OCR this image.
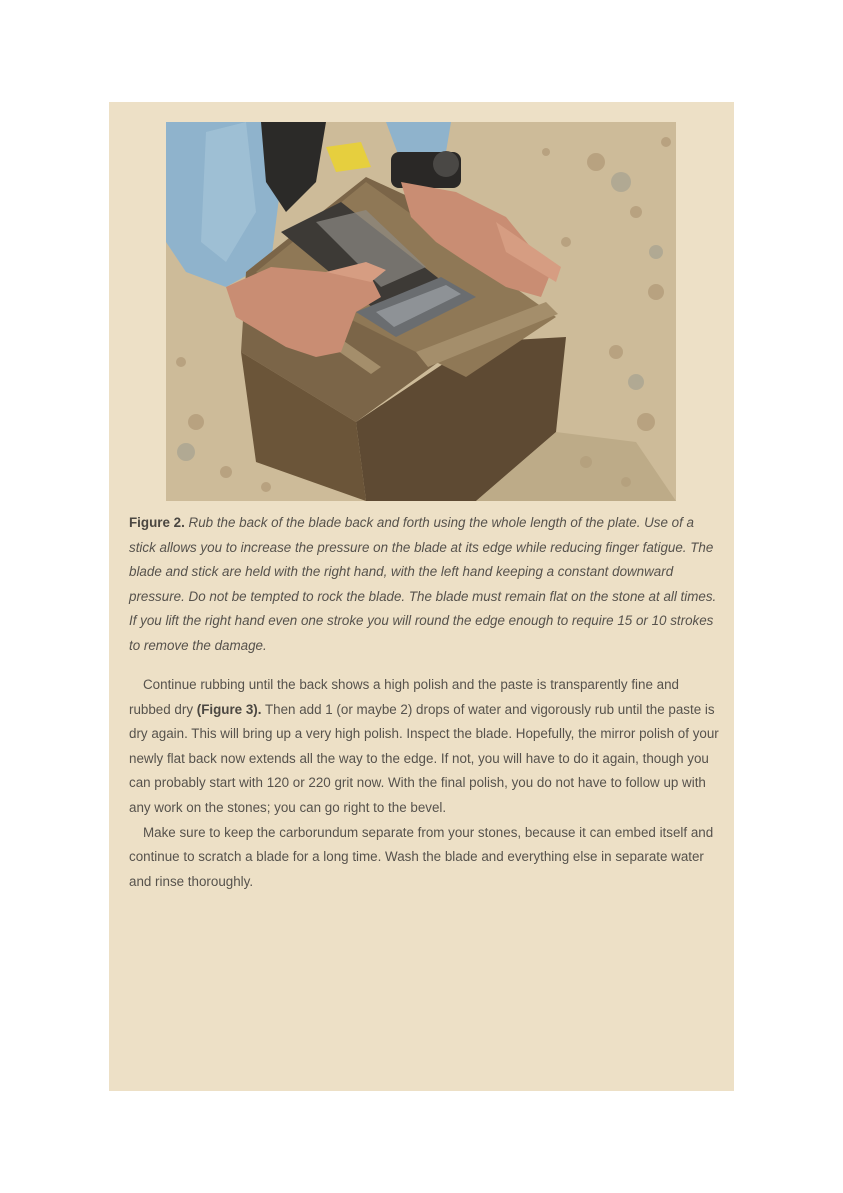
Figure 2. Rub the back of the blade back and forth using the whole length of the plate. Use of a stick allows you to increase the pressure on the blade at its edge while reducing finger fatigue. The blade and stick are held with the right hand, with the left hand keeping a constant downward pressure. Do not be tempted to rock the blade. The blade must remain flat on the stone at all times. If you lift the right hand even one stroke you will round the edge enough to require 15 or 10 strokes to remove the damage.

Continue rubbing until the back shows a high polish and the paste is transparently fine and rubbed dry (Figure 3). Then add 1 (or maybe 2) drops of water and vigorously rub until the paste is dry again. This will bring up a very high polish. Inspect the blade. Hopefully, the mirror polish of your newly flat back now extends all the way to the edge. If not, you will have to do it again, though you can probably start with 120 or 220 grit now. With the final polish, you do not have to follow up with any work on the stones; you can go right to the bevel.

Make sure to keep the carborundum separate from your stones, because it can embed itself and continue to scratch a blade for a long time. Wash the blade and everything else in separate water and rinse thoroughly.
